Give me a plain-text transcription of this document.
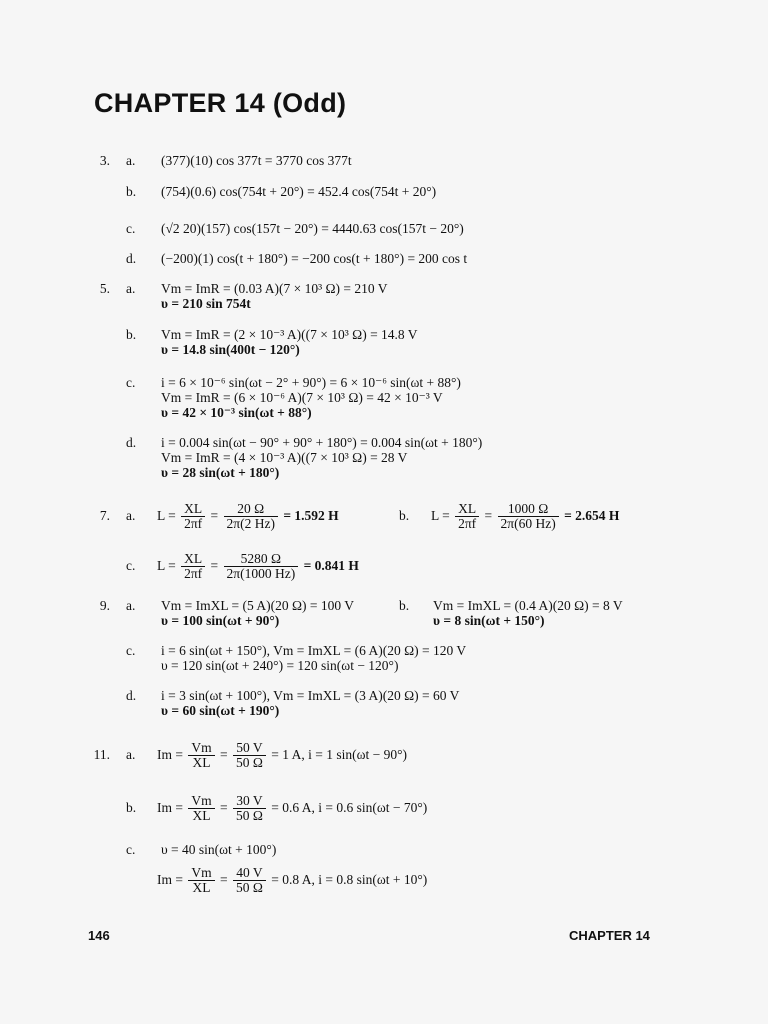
CHAPTER 14 (Odd)
3. a. (377)(10) cos 377t = 3770 cos 377t
b. (754)(0.6) cos(754t + 20°) = 452.4 cos(754t + 20°)
c. (√2 20)(157) cos(157t − 20°) = 4440.63 cos(157t − 20°)
d. (−200)(1) cos(t + 180°) = −200 cos(t + 180°) = 200 cos t
5. a. Vm = ImR = (0.03 A)(7 × 10³ Ω) = 210 V
υ = 210 sin 754t
b. Vm = ImR = (2 × 10⁻³ A)((7 × 10³ Ω) = 14.8 V
υ = 14.8 sin(400t − 120°)
c. i = 6 × 10⁻⁶ sin(ωt − 2° + 90°) = 6 × 10⁻⁶ sin(ωt + 88°)
Vm = ImR = (6 × 10⁻⁶ A)(7 × 10³ Ω) = 42 × 10⁻³ V
υ = 42 × 10⁻³ sin(ωt + 88°)
d. i = 0.004 sin(ωt − 90° + 90° + 180°) = 0.004 sin(ωt + 180°)
Vm = ImR = (4 × 10⁻³ A)((7 × 10³ Ω) = 28 V
υ = 28 sin(ωt + 180°)
7. a. $L = \frac{XL}{2\pi f} = \frac{20 \Omega}{2\pi(2 Hz)} = 1.592$ H	b. $L = \frac{XL}{2\pi f} = \frac{1000 \Omega}{2\pi(60 Hz)} = 2.654$ H
c. $L = \frac{XL}{2\pi f} = \frac{5280 \Omega}{2\pi(1000 Hz)} = 0.841$ H
9. a. Vm = ImXL = (5 A)(20 Ω) = 100 V
υ = 100 sin(ωt + 90°)
b. Vm = ImXL = (0.4 A)(20 Ω) = 8 V
υ = 8 sin(ωt + 150°)
c. i = 6 sin(ωt + 150°), Vm = ImXL = (6 A)(20 Ω) = 120 V
υ = 120 sin(ωt + 240°) = 120 sin(ωt − 120°)
d. i = 3 sin(ωt + 100°), Vm = ImXL = (3 A)(20 Ω) = 60 V
υ = 60 sin(ωt + 190°)
11. a. $Im = \frac{Vm}{XL} = \frac{50 V}{50 \Omega} = 1$ A, i = 1 sin(ωt − 90°)
b. $Im = \frac{Vm}{XL} = \frac{30 V}{50 \Omega} = 0.6$ A, i = 0.6 sin(ωt − 70°)
c. υ = 40 sin(ωt + 100°)
$Im = \frac{Vm}{XL} = \frac{40 V}{50 \Omega} = 0.8$ A, i = 0.8 sin(ωt + 10°)
146	CHAPTER 14
